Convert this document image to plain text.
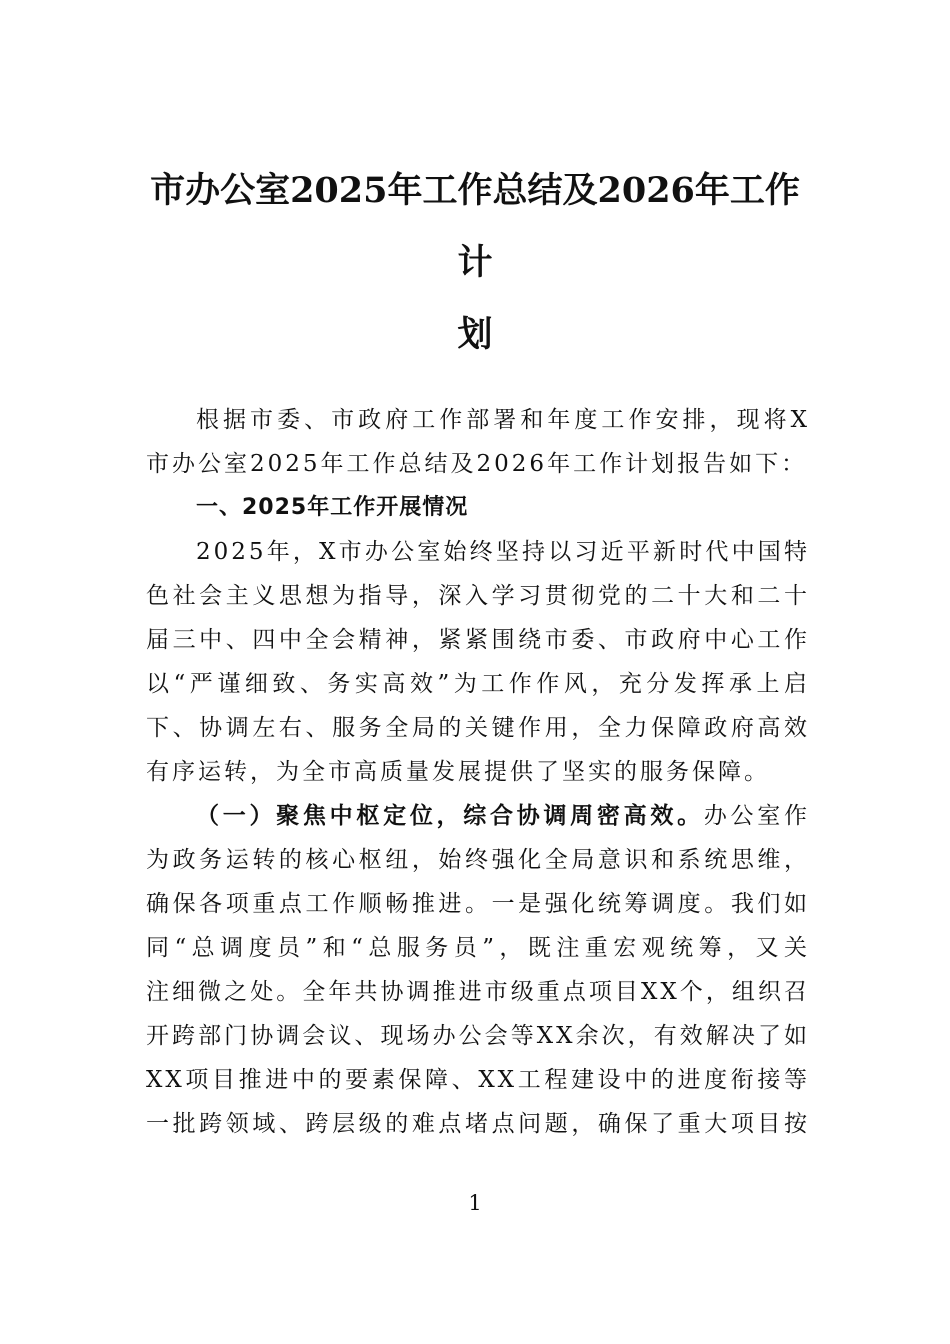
市办公室2025年工作总结及2026年工作计
划
根据市委、市政府工作部署和年度工作安排，现将X
市办公室2025年工作总结及2026年工作计划报告如下：
一、2025年工作开展情况
2025年，X市办公室始终坚持以习近平新时代中国特
色社会主义思想为指导，深入学习贯彻党的二十大和二十
届三中、四中全会精神，紧紧围绕市委、市政府中心工作
以“严谨细致、务实高效”为工作作风，充分发挥承上启
下、协调左右、服务全局的关键作用，全力保障政府高效
有序运转，为全市高质量发展提供了坚实的服务保障。
（一）聚焦中枢定位，综合协调周密高效。办公室作
为政务运转的核心枢纽，始终强化全局意识和系统思维，
确保各项重点工作顺畅推进。一是强化统筹调度。我们如
同“总调度员”和“总服务员”，既注重宏观统筹，又关
注细微之处。全年共协调推进市级重点项目XX个，组织召
开跨部门协调会议、现场办公会等XX余次，有效解决了如
XX项目推进中的要素保障、XX工程建设中的进度衔接等
一批跨领域、跨层级的难点堵点问题，确保了重大项目按
1
